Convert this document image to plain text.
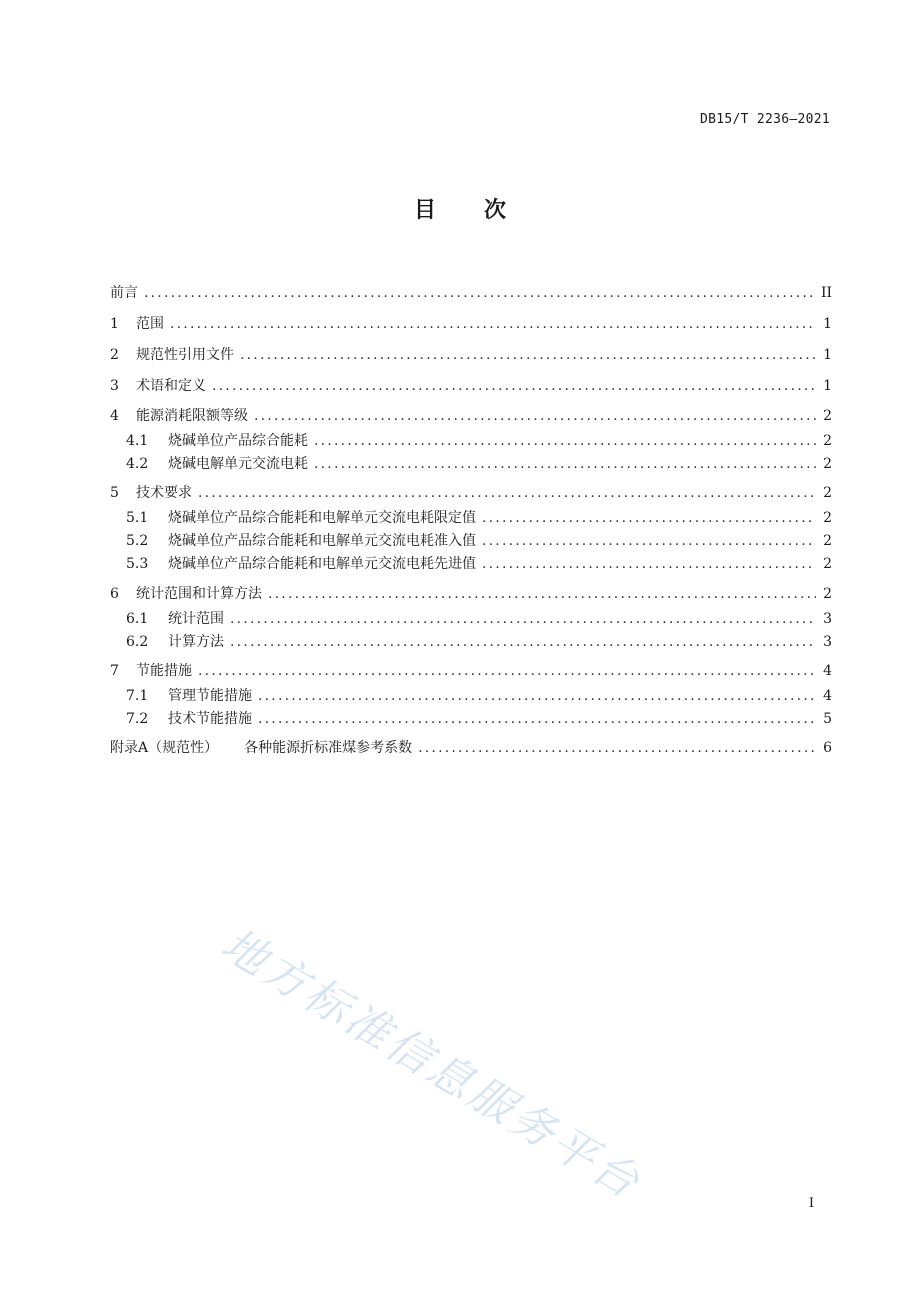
DB15/T 2236—2021
目 次
前言 .....	II
1	范围 .....	1
2	规范性引用文件 .....	1
3	术语和定义 .....	1
4	能源消耗限额等级 .....	2
4.1	烧碱单位产品综合能耗 .....	2
4.2	烧碱电解单元交流电耗 .....	2
5	技术要求 .....	2
5.1	烧碱单位产品综合能耗和电解单元交流电耗限定值 .....	2
5.2	烧碱单位产品综合能耗和电解单元交流电耗准入值 .....	2
5.3	烧碱单位产品综合能耗和电解单元交流电耗先进值 .....	2
6	统计范围和计算方法 .....	2
6.1	统计范围 .....	3
6.2	计算方法 .....	3
7	节能措施 .....	4
7.1	管理节能措施 .....	4
7.2	技术节能措施 .....	5
附录A（规范性） 各种能源折标准煤参考系数 .....	6
I
地方标准信息服务平台
